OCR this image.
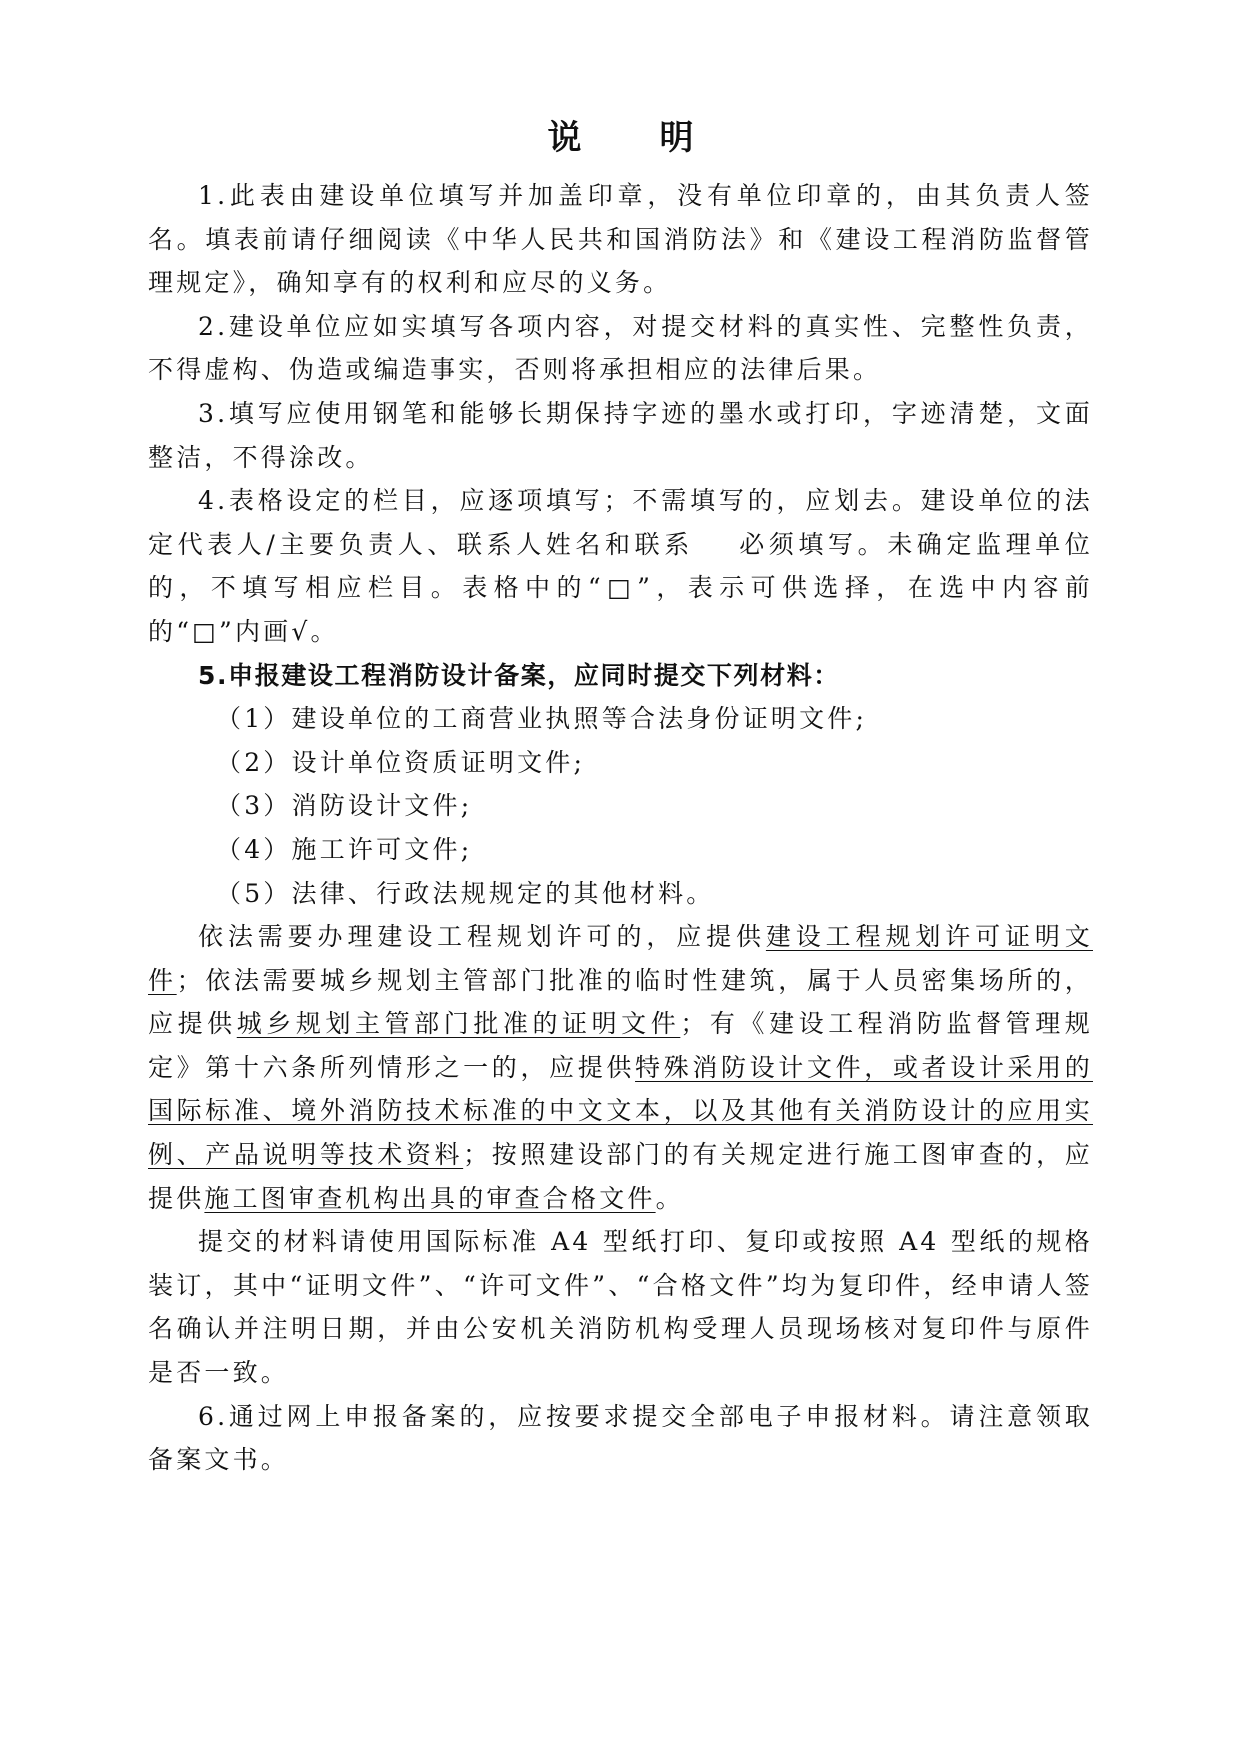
说 明

1.此表由建设单位填写并加盖印章，没有单位印章的，由其负责人签名。填表前请仔细阅读《中华人民共和国消防法》和《建设工程消防监督管理规定》，确知享有的权利和应尽的义务。

2.建设单位应如实填写各项内容，对提交材料的真实性、完整性负责，不得虚构、伪造或编造事实，否则将承担相应的法律后果。

3.填写应使用钢笔和能够长期保持字迹的墨水或打印，字迹清楚，文面整洁，不得涂改。

4.表格设定的栏目，应逐项填写；不需填写的，应划去。建设单位的法定代表人/主要负责人、联系人姓名和联系 必须填写。未确定监理单位的，不填写相应栏目。表格中的“□”，表示可供选择，在选中内容前的“□”内画√。

5.申报建设工程消防设计备案，应同时提交下列材料：

（1）建设单位的工商营业执照等合法身份证明文件;

（2）设计单位资质证明文件;

（3）消防设计文件;

（4）施工许可文件;

（5）法律、行政法规规定的其他材料。

依法需要办理建设工程规划许可的，应提供建设工程规划许可证明文件；依法需要城乡规划主管部门批准的临时性建筑，属于人员密集场所的，应提供城乡规划主管部门批准的证明文件；有《建设工程消防监督管理规定》第十六条所列情形之一的，应提供特殊消防设计文件，或者设计采用的国际标准、境外消防技术标准的中文文本，以及其他有关消防设计的应用实例、产品说明等技术资料；按照建设部门的有关规定进行施工图审查的，应提供施工图审查机构出具的审查合格文件。

提交的材料请使用国际标准 A4 型纸打印、复印或按照 A4 型纸的规格装订，其中“证明文件”、“许可文件”、“合格文件”均为复印件，经申请人签名确认并注明日期，并由公安机关消防机构受理人员现场核对复印件与原件是否一致。

6.通过网上申报备案的，应按要求提交全部电子申报材料。请注意领取备案文书。
